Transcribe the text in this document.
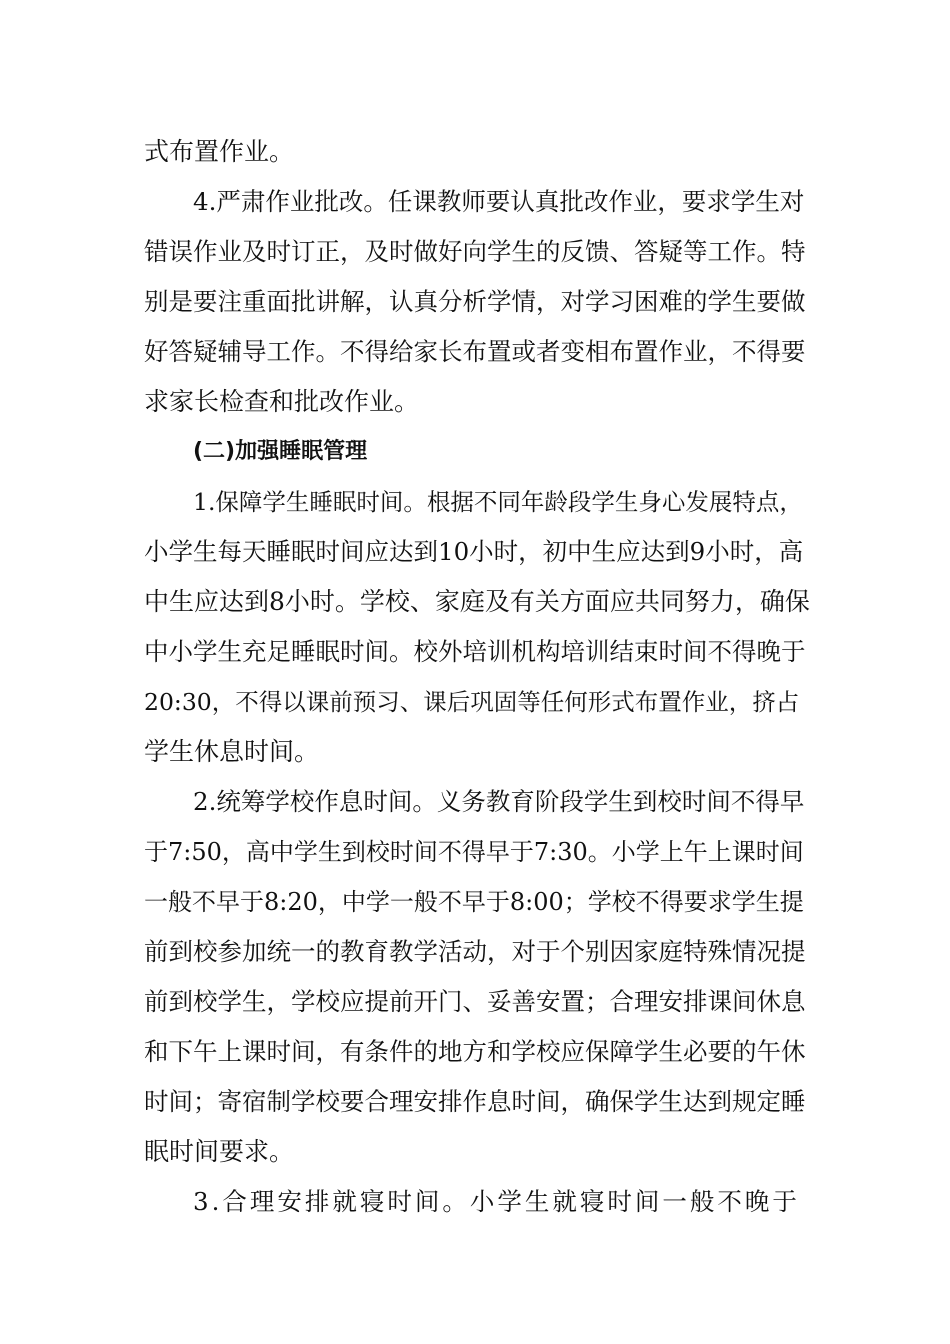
式布置作业。
4.严肃作业批改。任课教师要认真批改作业，要求学生对
错误作业及时订正，及时做好向学生的反馈、答疑等工作。特
别是要注重面批讲解，认真分析学情，对学习困难的学生要做
好答疑辅导工作。不得给家长布置或者变相布置作业，不得要
求家长检查和批改作业。
(二)加强睡眠管理
1.保障学生睡眠时间。根据不同年龄段学生身心发展特点，
小学生每天睡眠时间应达到10小时，初中生应达到9小时，高
中生应达到8小时。学校、家庭及有关方面应共同努力，确保
中小学生充足睡眠时间。校外培训机构培训结束时间不得晚于
20:30，不得以课前预习、课后巩固等任何形式布置作业，挤占
学生休息时间。
2.统筹学校作息时间。义务教育阶段学生到校时间不得早
于7:50，高中学生到校时间不得早于7:30。小学上午上课时间
一般不早于8:20，中学一般不早于8:00；学校不得要求学生提
前到校参加统一的教育教学活动，对于个别因家庭特殊情况提
前到校学生，学校应提前开门、妥善安置；合理安排课间休息
和下午上课时间，有条件的地方和学校应保障学生必要的午休
时间；寄宿制学校要合理安排作息时间，确保学生达到规定睡
眠时间要求。
3.合理安排就寝时间。小学生就寝时间一般不晚于
